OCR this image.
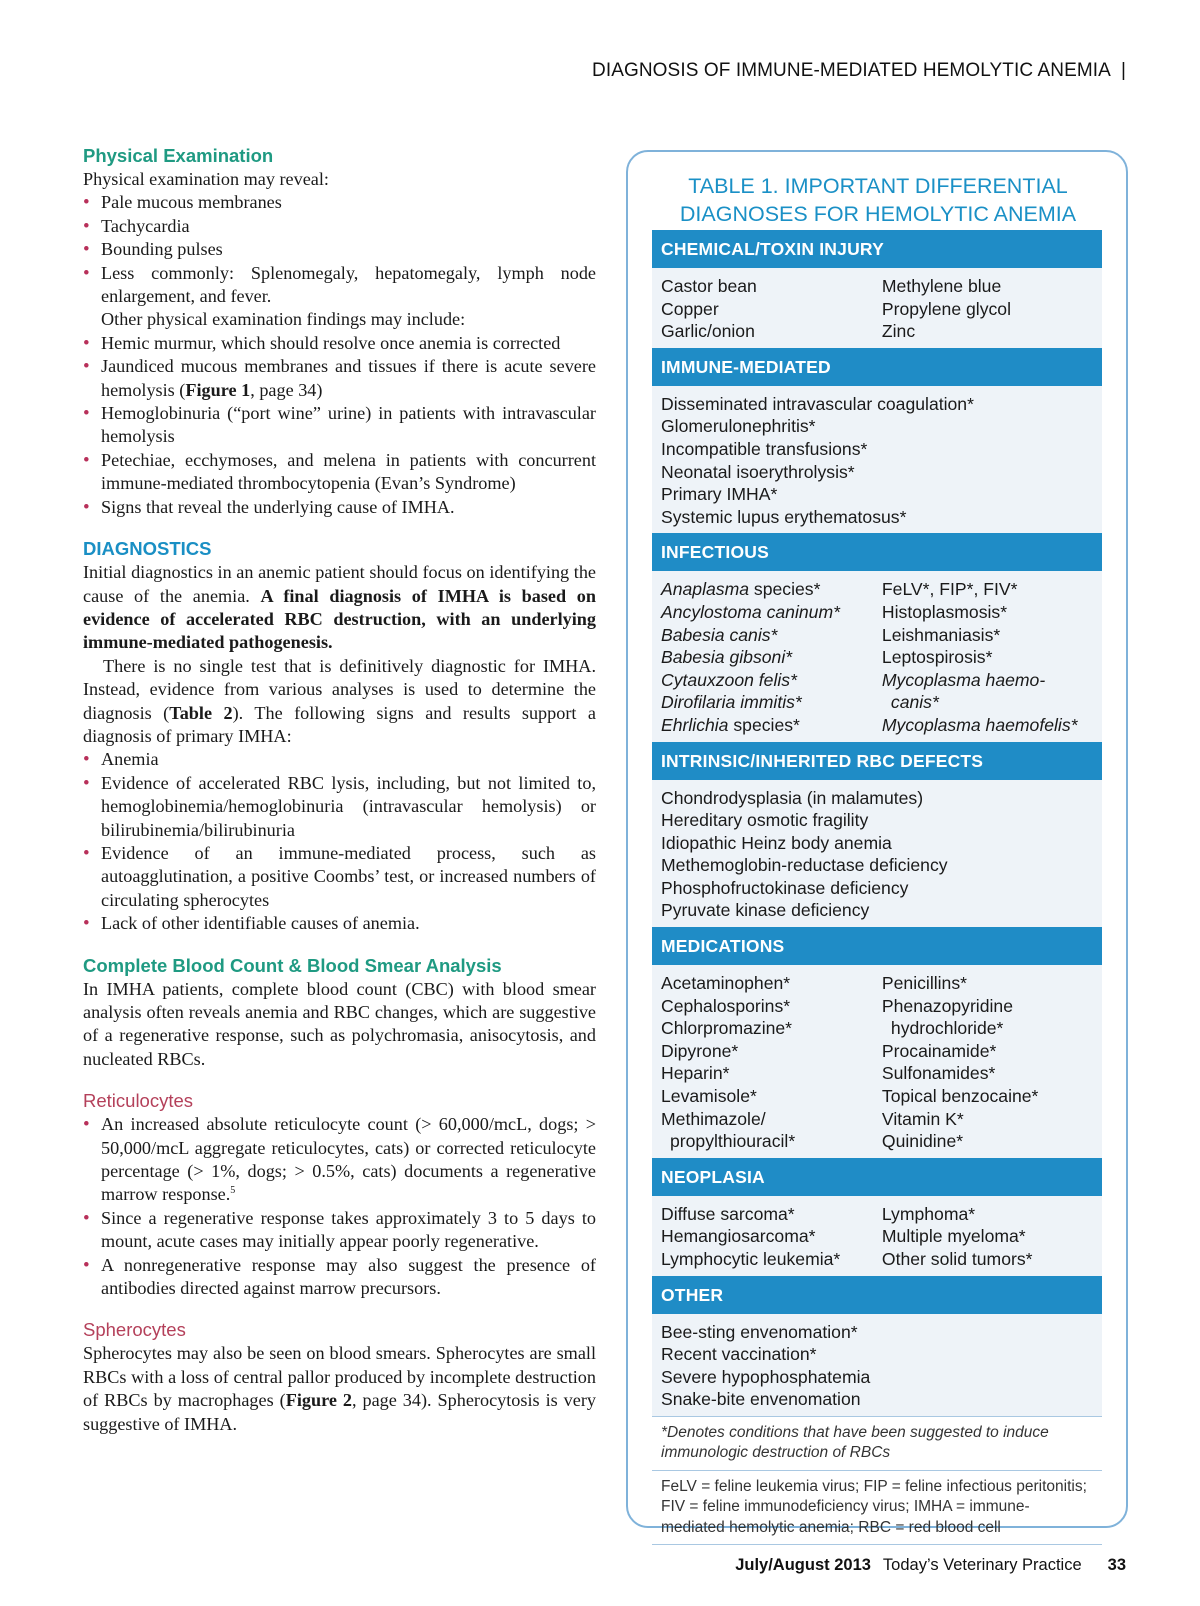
DIAGNOSIS OF IMMUNE-MEDIATED HEMOLYTIC ANEMIA |
Physical Examination

Physical examination may reveal:

• Pale mucous membranes
• Tachycardia
• Bounding pulses
• Less commonly: Splenomegaly, hepatomegaly, lymph node enlargement, and fever.

Other physical examination findings may include:

• Hemic murmur, which should resolve once anemia is corrected
• Jaundiced mucous membranes and tissues if there is acute severe hemolysis (Figure 1, page 34)
• Hemoglobinuria (“port wine” urine) in patients with intravascular hemolysis
• Petechiae, ecchymoses, and melena in patients with concurrent immune-mediated thrombocytopenia (Evan’s Syndrome)
• Signs that reveal the underlying cause of IMHA.
DIAGNOSTICS

Initial diagnostics in an anemic patient should focus on identifying the cause of the anemia. A final diagnosis of IMHA is based on evidence of accelerated RBC destruction, with an underlying immune-mediated pathogenesis.

There is no single test that is definitively diagnostic for IMHA. Instead, evidence from various analyses is used to determine the diagnosis (Table 2). The following signs and results support a diagnosis of primary IMHA:

• Anemia
• Evidence of accelerated RBC lysis, including, but not limited to, hemoglobinemia/hemoglobinuria (intravascular hemolysis) or bilirubinemia/bilirubinuria
• Evidence of an immune-mediated process, such as autoagglutination, a positive Coombs’ test, or increased numbers of circulating spherocytes
• Lack of other identifiable causes of anemia.
Complete Blood Count & Blood Smear Analysis

In IMHA patients, complete blood count (CBC) with blood smear analysis often reveals anemia and RBC changes, which are suggestive of a regenerative response, such as polychromasia, anisocytosis, and nucleated RBCs.

Reticulocytes
• An increased absolute reticulocyte count (> 60,000/mcL, dogs; > 50,000/mcL aggregate reticulocytes, cats) or corrected reticulocyte percentage (> 1%, dogs; > 0.5%, cats) documents a regenerative marrow response.$^5$
• Since a regenerative response takes approximately 3 to 5 days to mount, acute cases may initially appear poorly regenerative.
• A nonregenerative response may also suggest the presence of antibodies directed against marrow precursors.
Spherocytes

Spherocytes may also be seen on blood smears. Spherocytes are small RBCs with a loss of central pallor produced by incomplete destruction of RBCs by macrophages (Figure 2, page 34). Spherocytosis is very suggestive of IMHA.

TABLE 1. IMPORTANT DIFFERENTIAL DIAGNOSES FOR HEMOLYTIC ANEMIA
CHEMICAL/TOXIN INJURY
Castor bean
Copper
Garlic/onion
Methylene blue
Propylene glycol
Zinc
IMMUNE-MEDIATED
Disseminated intravascular coagulation*
Glomerulonephritis*
Incompatible transfusions*
Neonatal isoerythrolysis*
Primary IMHA*
Systemic lupus erythematosus*
INFECTIOUS
Anaplasma species*
Ancylostoma caninum*
Babesia canis*
Babesia gibsoni*
Cytauxzoon felis*
Dirofilaria immitis*
Ehrlichia species*
FeLV*, FIP*, FIV*
Histoplasmosis*
Leishmaniasis*
Leptospirosis*
Mycoplasma haemo-
canis*
Mycoplasma haemofelis*
INTRINSIC/INHERITED RBC DEFECTS
Chondrodysplasia (in malamutes)
Hereditary osmotic fragility
Idiopathic Heinz body anemia
Methemoglobin-reductase deficiency
Phosphofructokinase deficiency
Pyruvate kinase deficiency
MEDICATIONS
Acetaminophen*
Cephalosporins*
Chlorpromazine*
Dipyrone*
Heparin*
Levamisole*
Methimazole/
propylthiouracil*
Penicillins*
Phenazopyridine
hydrochloride*
Procainamide*
Sulfonamides*
Topical benzocaine*
Vitamin K*
Quinidine*
NEOPLASIA
Diffuse sarcoma*
Hemangiosarcoma*
Lymphocytic leukemia*
Lymphoma*
Multiple myeloma*
Other solid tumors*
OTHER
Bee-sting envenomation*
Recent vaccination*
Severe hypophosphatemia
Snake-bite envenomation
*Denotes conditions that have been suggested to induce immunologic destruction of RBCs
FeLV = feline leukemia virus; FIP = feline infectious peritonitis; FIV = feline immunodeficiency virus; IMHA = immune-mediated hemolytic anemia; RBC = red blood cell
July/August 2013 Today’s Veterinary Practice 33
